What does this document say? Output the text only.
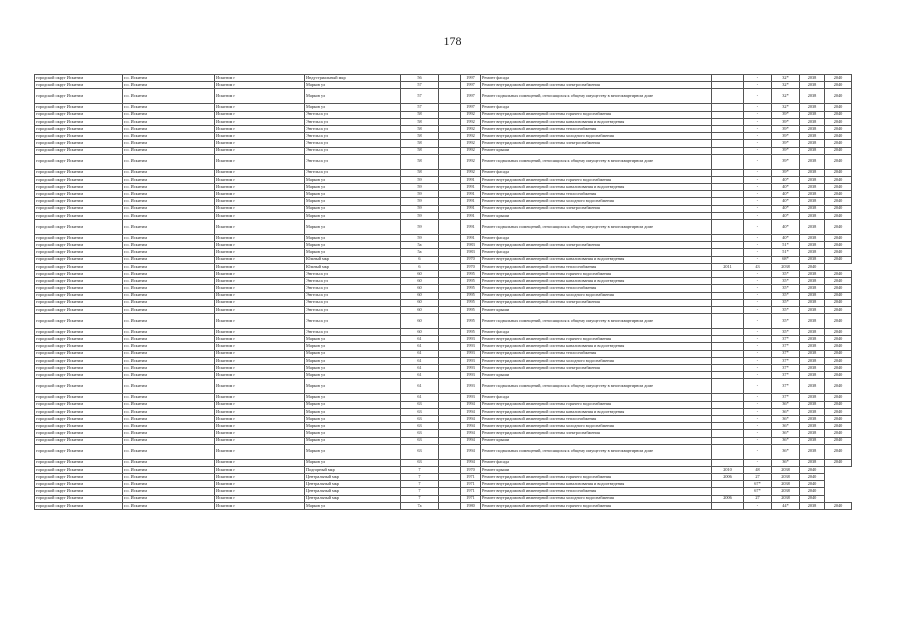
178
городской округ Искитим	г.о. Искитим	Искитим г	Индустриальный мкр	56		1997	Ремонт фасада		-	32*	2038	2040
городской округ Искитим	г.о. Искитим	Искитим г	Марков ул	57		1997	Ремонт внутридомовой инженерной системы электроснабжения		-	32*	2038	2040
городской округ Искитим	г.о. Искитим	Искитим г	Марков ул	57		1997	Ремонт подвальных помещений, относящихся к общему имуществу в многоквартирном доме		-	32*	2038	2040
городской округ Искитим	г.о. Искитим	Искитим г	Марков ул	57		1997	Ремонт фасада		-	32*	2038	2040
городской округ Искитим	г.о. Искитим	Искитим г	Энгельса ул	58		1992	Ремонт внутридомовой инженерной системы горячего водоснабжения		-	39*	2038	2040
городской округ Искитим	г.о. Искитим	Искитим г	Энгельса ул	58		1992	Ремонт внутридомовой инженерной системы канализования и водоотведения		-	39*	2038	2040
городской округ Искитим	г.о. Искитим	Искитим г	Энгельса ул	58		1992	Ремонт внутридомовой инженерной системы теплоснабжения		-	39*	2038	2040
городской округ Искитим	г.о. Искитим	Искитим г	Энгельса ул	58		1992	Ремонт внутридомовой инженерной системы холодного водоснабжения		-	39*	2038	2040
городской округ Искитим	г.о. Искитим	Искитим г	Энгельса ул	58		1992	Ремонт внутридомовой инженерной системы электроснабжения		-	39*	2038	2040
городской округ Искитим	г.о. Искитим	Искитим г	Энгельса ул	58		1992	Ремонт крыши		-	39*	2038	2040
городской округ Искитим	г.о. Искитим	Искитим г	Энгельса ул	58		1992	Ремонт подвальных помещений, относящихся к общему имуществу в многоквартирном доме		-	39*	2038	2040
городской округ Искитим	г.о. Искитим	Искитим г	Энгельса ул	58		1992	Ремонт фасада		-	39*	2038	2040
городской округ Искитим	г.о. Искитим	Искитим г	Марков ул	59		1991	Ремонт внутридомовой инженерной системы горячего водоснабжения		-	40*	2038	2040
городской округ Искитим	г.о. Искитим	Искитим г	Марков ул	59		1991	Ремонт внутридомовой инженерной системы канализования и водоотведения		-	40*	2038	2040
городской округ Искитим	г.о. Искитим	Искитим г	Марков ул	59		1991	Ремонт внутридомовой инженерной системы теплоснабжения		-	40*	2038	2040
городской округ Искитим	г.о. Искитим	Искитим г	Марков ул	59		1991	Ремонт внутридомовой инженерной системы холодного водоснабжения		-	40*	2038	2040
городской округ Искитим	г.о. Искитим	Искитим г	Марков ул	59		1991	Ремонт внутридомовой инженерной системы электроснабжения		-	40*	2038	2040
городской округ Искитим	г.о. Искитим	Искитим г	Марков ул	59		1991	Ремонт крыши		-	40*	2038	2040
городской округ Искитим	г.о. Искитим	Искитим г	Марков ул	59		1991	Ремонт подвальных помещений, относящихся к общему имуществу в многоквартирном доме		-	40*	2038	2040
городской округ Искитим	г.о. Искитим	Искитим г	Марков ул	59		1991	Ремонт фасада		-	40*	2038	2040
городской округ Искитим	г.о. Искитим	Искитим г	Марков ул	5а		1983	Ремонт внутридомовой инженерной системы электроснабжения		-	51*	2038	2040
городской округ Искитим	г.о. Искитим	Искитим г	Марков ул	5а		1983	Ремонт фасада		-	51*	2038	2040
городской округ Искитим	г.о. Искитим	Искитим г	Южный мкр	6		1970	Ремонт внутридомовой инженерной системы канализования и водоотведения		-	68*	2038	2040
городской округ Искитим	г.о. Искитим	Искитим г	Южный мкр	6		1970	Ремонт внутридомовой инженерной системы теплоснабжения	2011	43	2038	2040	
городской округ Искитим	г.о. Искитим	Искитим г	Энгельса ул	60		1995	Ремонт внутридомовой инженерной системы горячего водоснабжения		-	35*	2038	2040
городской округ Искитим	г.о. Искитим	Искитим г	Энгельса ул	60		1995	Ремонт внутридомовой инженерной системы канализования и водоотведения		-	35*	2038	2040
городской округ Искитим	г.о. Искитим	Искитим г	Энгельса ул	60		1995	Ремонт внутридомовой инженерной системы теплоснабжения		-	35*	2038	2040
городской округ Искитим	г.о. Искитим	Искитим г	Энгельса ул	60		1995	Ремонт внутридомовой инженерной системы холодного водоснабжения		-	35*	2038	2040
городской округ Искитим	г.о. Искитим	Искитим г	Энгельса ул	60		1995	Ремонт внутридомовой инженерной системы электроснабжения		-	35*	2038	2040
городской округ Искитим	г.о. Искитим	Искитим г	Энгельса ул	60		1995	Ремонт крыши		-	35*	2038	2040
городской округ Искитим	г.о. Искитим	Искитим г	Энгельса ул	60		1995	Ремонт подвальных помещений, относящихся к общему имуществу в многоквартирном доме		-	35*	2038	2040
городской округ Искитим	г.о. Искитим	Искитим г	Энгельса ул	60		1995	Ремонт фасада		-	35*	2038	2040
городской округ Искитим	г.о. Искитим	Искитим г	Марков ул	61		1993	Ремонт внутридомовой инженерной системы горячего водоснабжения		-	37*	2038	2040
городской округ Искитим	г.о. Искитим	Искитим г	Марков ул	61		1993	Ремонт внутридомовой инженерной системы канализования и водоотведения		-	37*	2038	2040
городской округ Искитим	г.о. Искитим	Искитим г	Марков ул	61		1993	Ремонт внутридомовой инженерной системы теплоснабжения		-	37*	2038	2040
городской округ Искитим	г.о. Искитим	Искитим г	Марков ул	61		1993	Ремонт внутридомовой инженерной системы холодного водоснабжения		-	37*	2038	2040
городской округ Искитим	г.о. Искитим	Искитим г	Марков ул	61		1993	Ремонт внутридомовой инженерной системы электроснабжения		-	37*	2038	2040
городской округ Искитим	г.о. Искитим	Искитим г	Марков ул	61		1993	Ремонт крыши		-	37*	2038	2040
городской округ Искитим	г.о. Искитим	Искитим г	Марков ул	61		1993	Ремонт подвальных помещений, относящихся к общему имуществу в многоквартирном доме		-	37*	2038	2040
городской округ Искитим	г.о. Искитим	Искитим г	Марков ул	61		1993	Ремонт фасада		-	37*	2038	2040
городской округ Искитим	г.о. Искитим	Искитим г	Марков ул	63		1994	Ремонт внутридомовой инженерной системы горячего водоснабжения		-	36*	2038	2040
городской округ Искитим	г.о. Искитим	Искитим г	Марков ул	63		1994	Ремонт внутридомовой инженерной системы канализования и водоотведения		-	36*	2038	2040
городской округ Искитим	г.о. Искитим	Искитим г	Марков ул	63		1994	Ремонт внутридомовой инженерной системы теплоснабжения		-	36*	2038	2040
городской округ Искитим	г.о. Искитим	Искитим г	Марков ул	63		1994	Ремонт внутридомовой инженерной системы холодного водоснабжения		-	36*	2038	2040
городской округ Искитим	г.о. Искитим	Искитим г	Марков ул	63		1994	Ремонт внутридомовой инженерной системы электроснабжения		-	36*	2038	2040
городской округ Искитим	г.о. Искитим	Искитим г	Марков ул	63		1994	Ремонт крыши		-	36*	2038	2040
городской округ Искитим	г.о. Искитим	Искитим г	Марков ул	63		1994	Ремонт подвальных помещений, относящихся к общему имуществу в многоквартирном доме		-	36*	2038	2040
городской округ Искитим	г.о. Искитим	Искитим г	Марков ул	63		1994	Ремонт фасада		-	36*	2038	2040
городской округ Искитим	г.о. Искитим	Искитим г	Подгорный мкр	7		1970	Ремонт крыши	2010	48	2038	2040	
городской округ Искитим	г.о. Искитим	Искитим г	Центральный мкр	7		1971	Ремонт внутридомовой инженерной системы горячего водоснабжения	2006	27	2038	2040	
городской округ Искитим	г.о. Искитим	Искитим г	Центральный мкр	7		1971	Ремонт внутридомовой инженерной системы канализования и водоотведения		67*	2038	2040	
городской округ Искитим	г.о. Искитим	Искитим г	Центральный мкр	7		1971	Ремонт внутридомовой инженерной системы теплоснабжения		67*	2038	2040	
городской округ Искитим	г.о. Искитим	Искитим г	Центральный мкр	7		1971	Ремонт внутридомовой инженерной системы холодного водоснабжения	2006	27	2038	2040	
городской округ Искитим	г.о. Искитим	Искитим г	Марков ул	7а		1980	Ремонт внутридомовой инженерной системы горячего водоснабжения		-	44*	2038	2040
